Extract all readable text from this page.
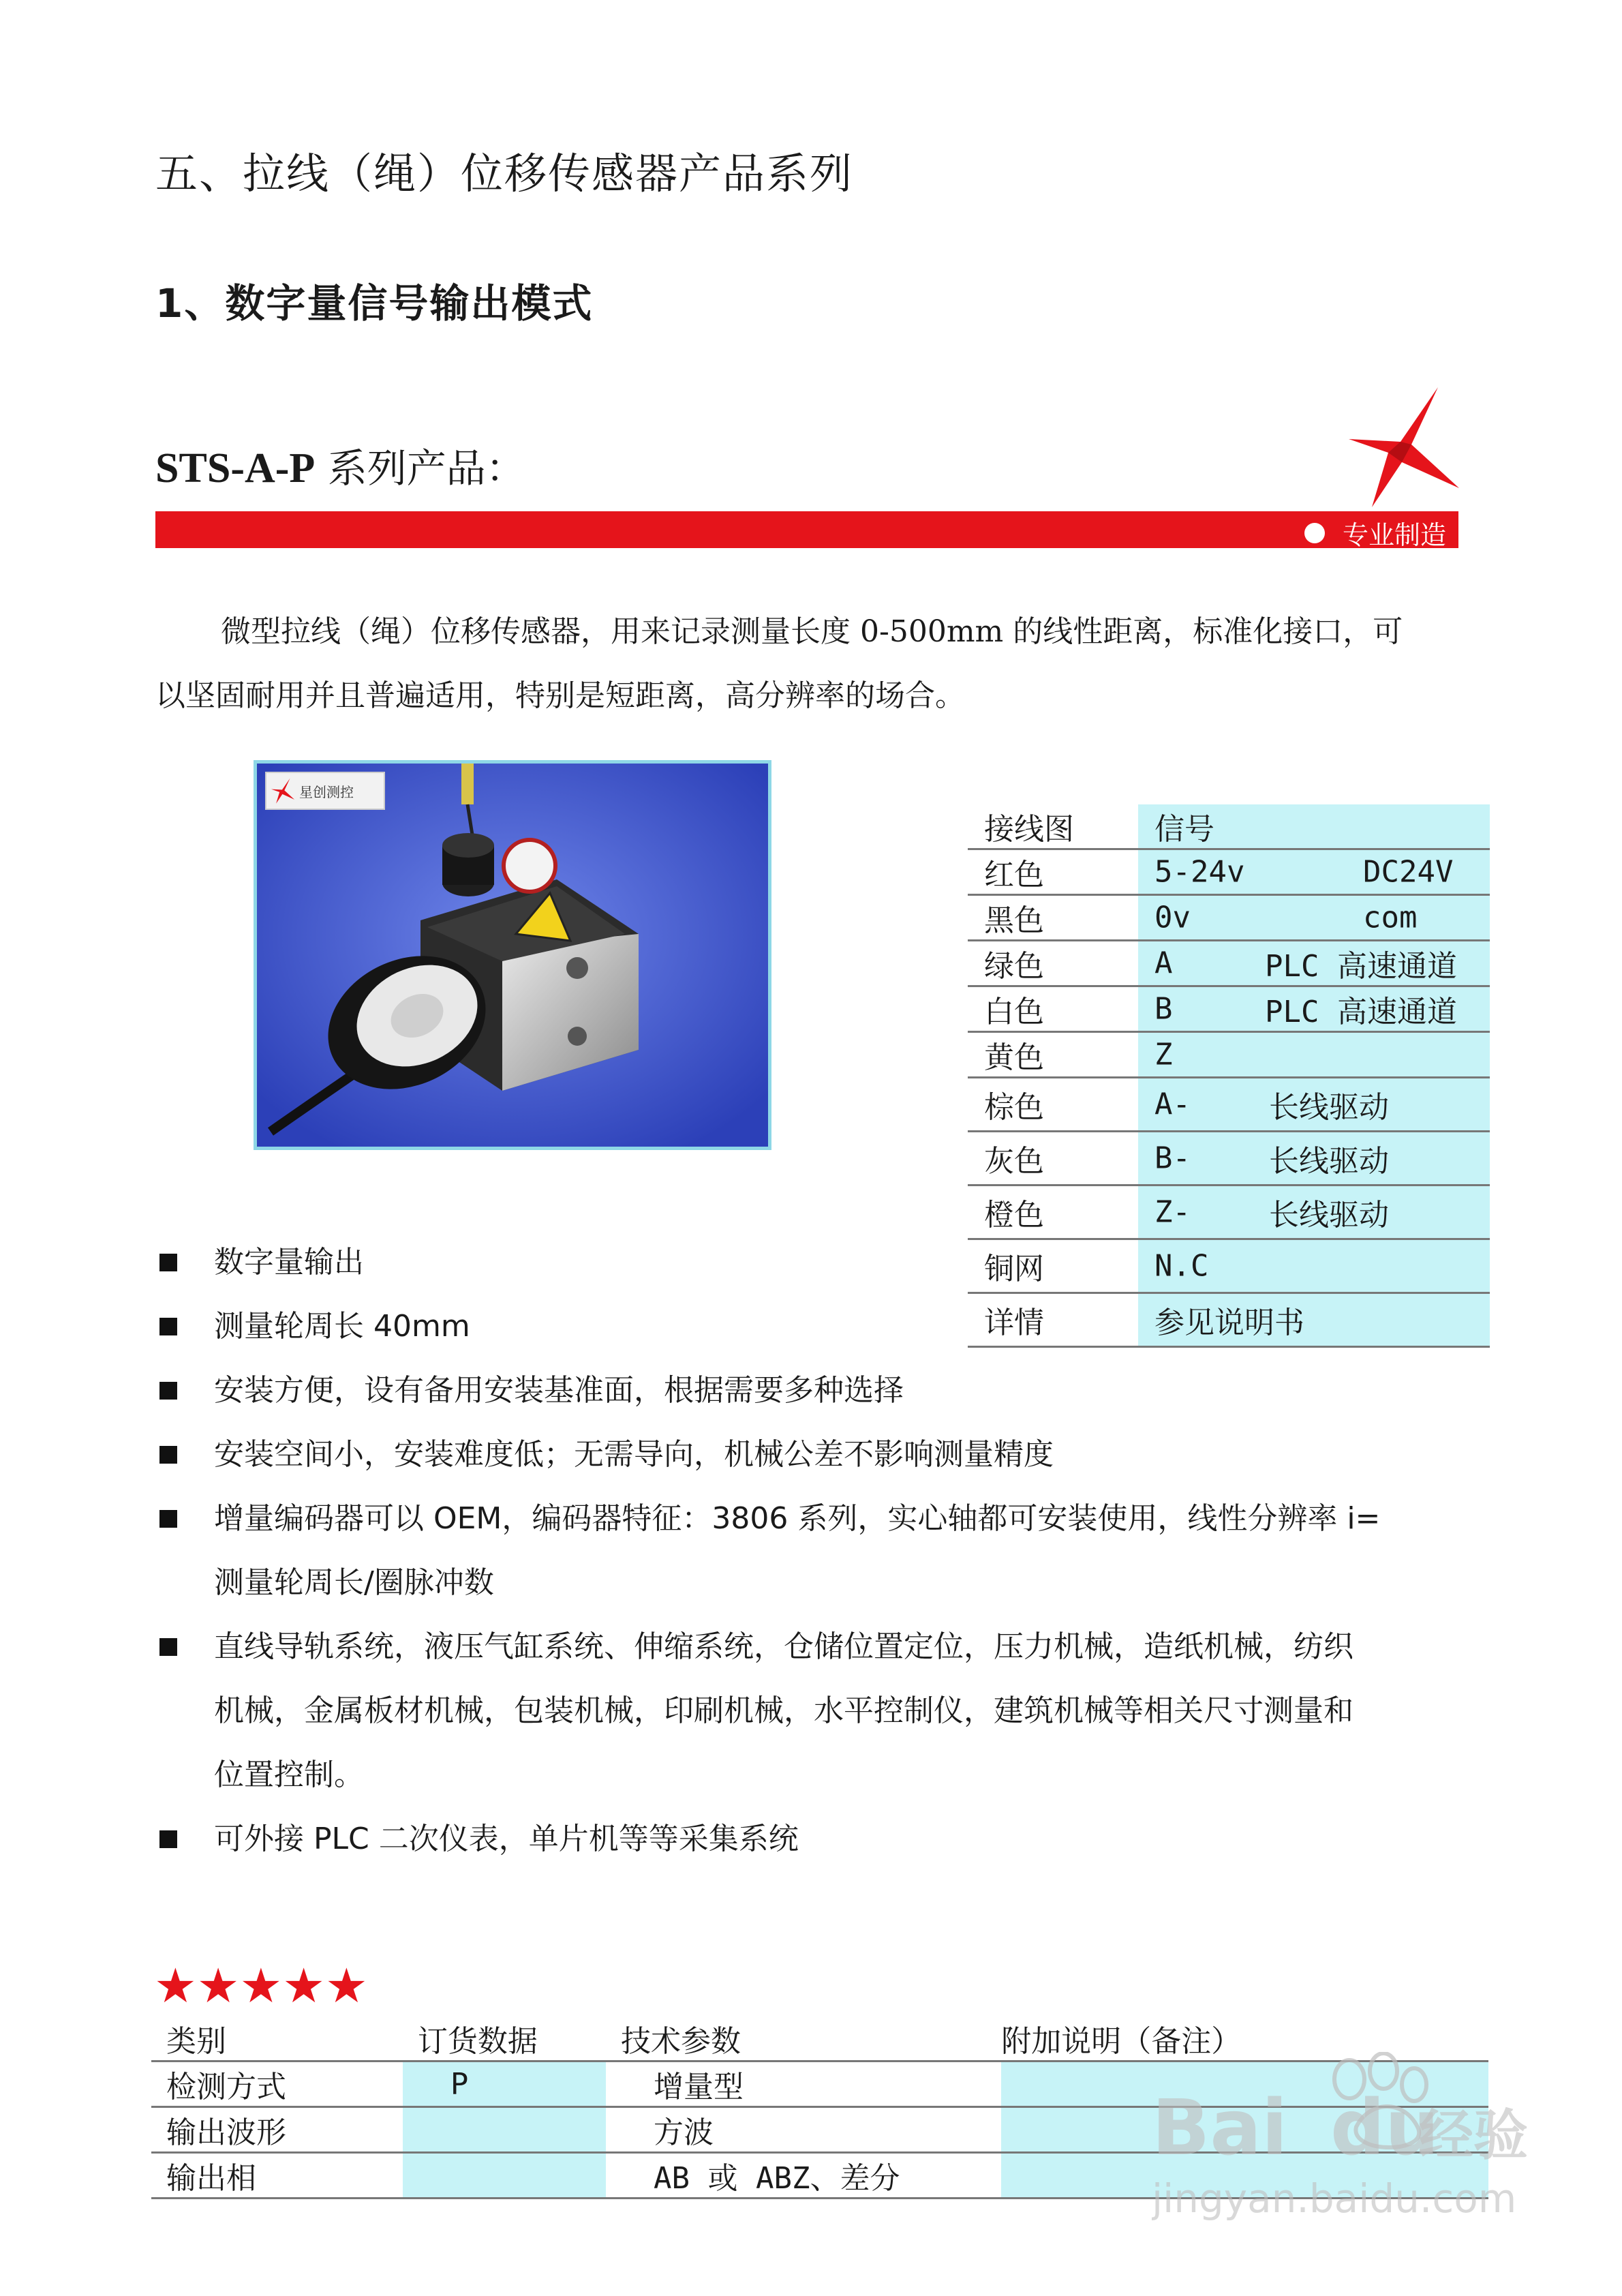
五、拉线（绳）位移传感器产品系列
1、数字量信号输出模式
STS-A-P 系列产品：
专业制造

微型拉线（绳）位移传感器，用来记录测量长度 0-500mm 的线性距离，标准化接口，可

以坚固耐用并且普遍适用，特别是短距离，高分辨率的场合。

星创测控
接线图	信号

红色	5-24v DC24V

黑色	0v com

绿色	A PLC 高速通道

白色	B PLC 高速通道

黄色	Z

棕色	A- 长线驱动

灰色	B- 长线驱动

橙色	Z- 长线驱动

铜网	N.C

详情	参见说明书
数字量输出
测量轮周长 40mm
安装方便，设有备用安装基准面，根据需要多种选择
安装空间小，安装难度低；无需导向，机械公差不影响测量精度
增量编码器可以 OEM，编码器特征：3806 系列，实心轴都可安装使用，线性分辨率 i=
测量轮周长/圈脉冲数
直线导轨系统，液压气缸系统、伸缩系统，仓储位置定位，压力机械，造纸机械，纺织
机械，金属板材机械，包装机械，印刷机械，水平控制仪，建筑机械等相关尺寸测量和
位置控制。
可外接 PLC 二次仪表，单片机等等采集系统
★★★★★
类别	订货数据	技术参数	附加说明（备注）
检测方式	P	增量型	
输出波形		方波	
输出相		AB 或 ABZ、差分	
Bai du
经验
jingyan.baidu.com
